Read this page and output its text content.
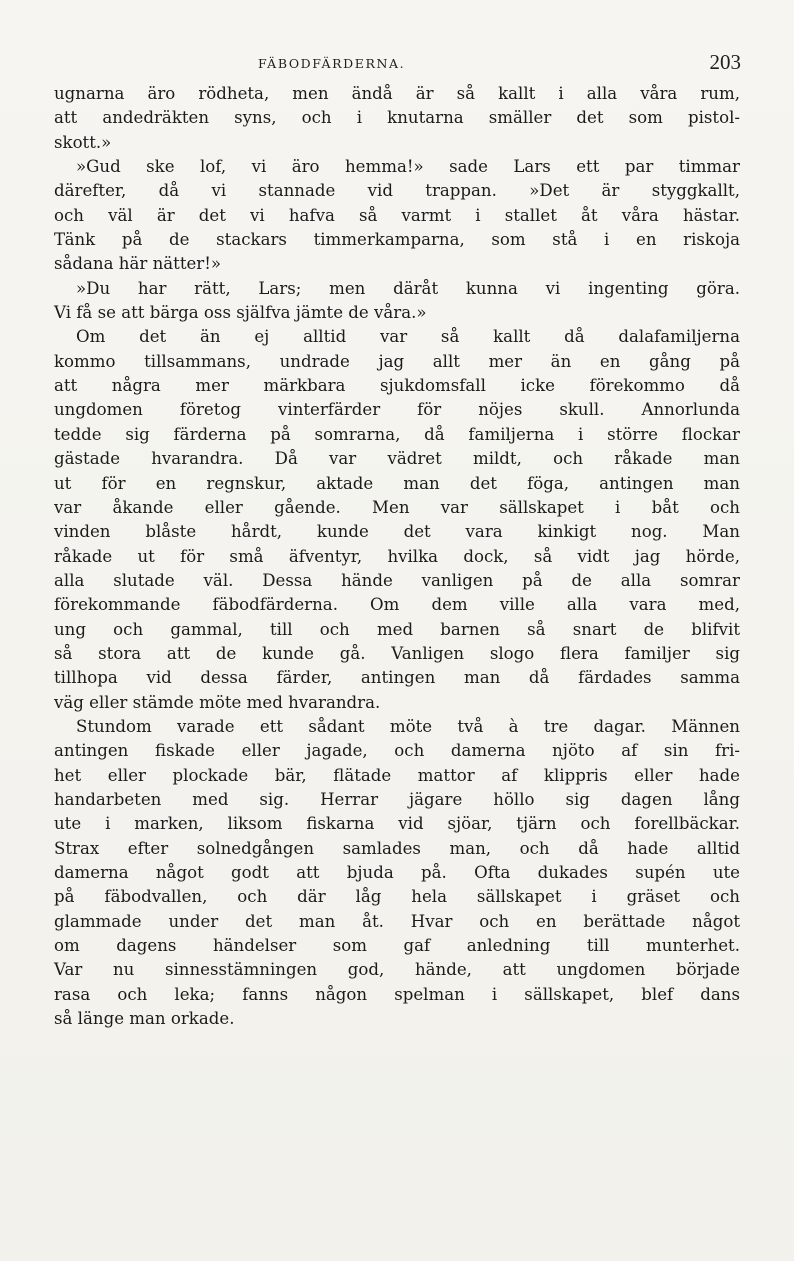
FÄBODFÄRDERNA.	203
ugnarna äro rödheta, men ändå är så kallt i alla våra rum,
att andedräkten syns, och i knutarna smäller det som pistol-
skott.»
»Gud ske lof, vi äro hemma!» sade Lars ett par timmar
därefter, då vi stannade vid trappan. »Det är styggkallt,
och väl är det vi hafva så varmt i stallet åt våra hästar.
Tänk på de stackars timmerkamparna, som stå i en riskoja
sådana här nätter!»
»Du har rätt, Lars; men däråt kunna vi ingenting göra.
Vi få se att bärga oss själfva jämte de våra.»
Om det än ej alltid var så kallt då dalafamiljerna
kommo tillsammans, undrade jag allt mer än en gång på
att några mer märkbara sjukdomsfall icke förekommo då
ungdomen företog vinterfärder för nöjes skull. Annorlunda
tedde sig färderna på somrarna, då familjerna i större flockar
gästade hvarandra. Då var vädret mildt, och råkade man
ut för en regnskur, aktade man det föga, antingen man
var åkande eller gående. Men var sällskapet i båt och
vinden blåste hårdt, kunde det vara kinkigt nog. Man
råkade ut för små äfventyr, hvilka dock, så vidt jag hörde,
alla slutade väl. Dessa hände vanligen på de alla somrar
förekommande fäbodfärderna. Om dem ville alla vara med,
ung och gammal, till och med barnen så snart de blifvit
så stora att de kunde gå. Vanligen slogo flera familjer sig
tillhopa vid dessa färder, antingen man då färdades samma
väg eller stämde möte med hvarandra.
Stundom varade ett sådant möte två à tre dagar. Männen
antingen fiskade eller jagade, och damerna njöto af sin fri-
het eller plockade bär, flätade mattor af klippris eller hade
handarbeten med sig. Herrar jägare höllo sig dagen lång
ute i marken, liksom fiskarna vid sjöar, tjärn och forellbäckar.
Strax efter solnedgången samlades man, och då hade alltid
damerna något godt att bjuda på. Ofta dukades supén ute
på fäbodvallen, och där låg hela sällskapet i gräset och
glammade under det man åt. Hvar och en berättade något
om dagens händelser som gaf anledning till munterhet.
Var nu sinnesstämningen god, hände, att ungdomen började
rasa och leka; fanns någon spelman i sällskapet, blef dans
så länge man orkade.
